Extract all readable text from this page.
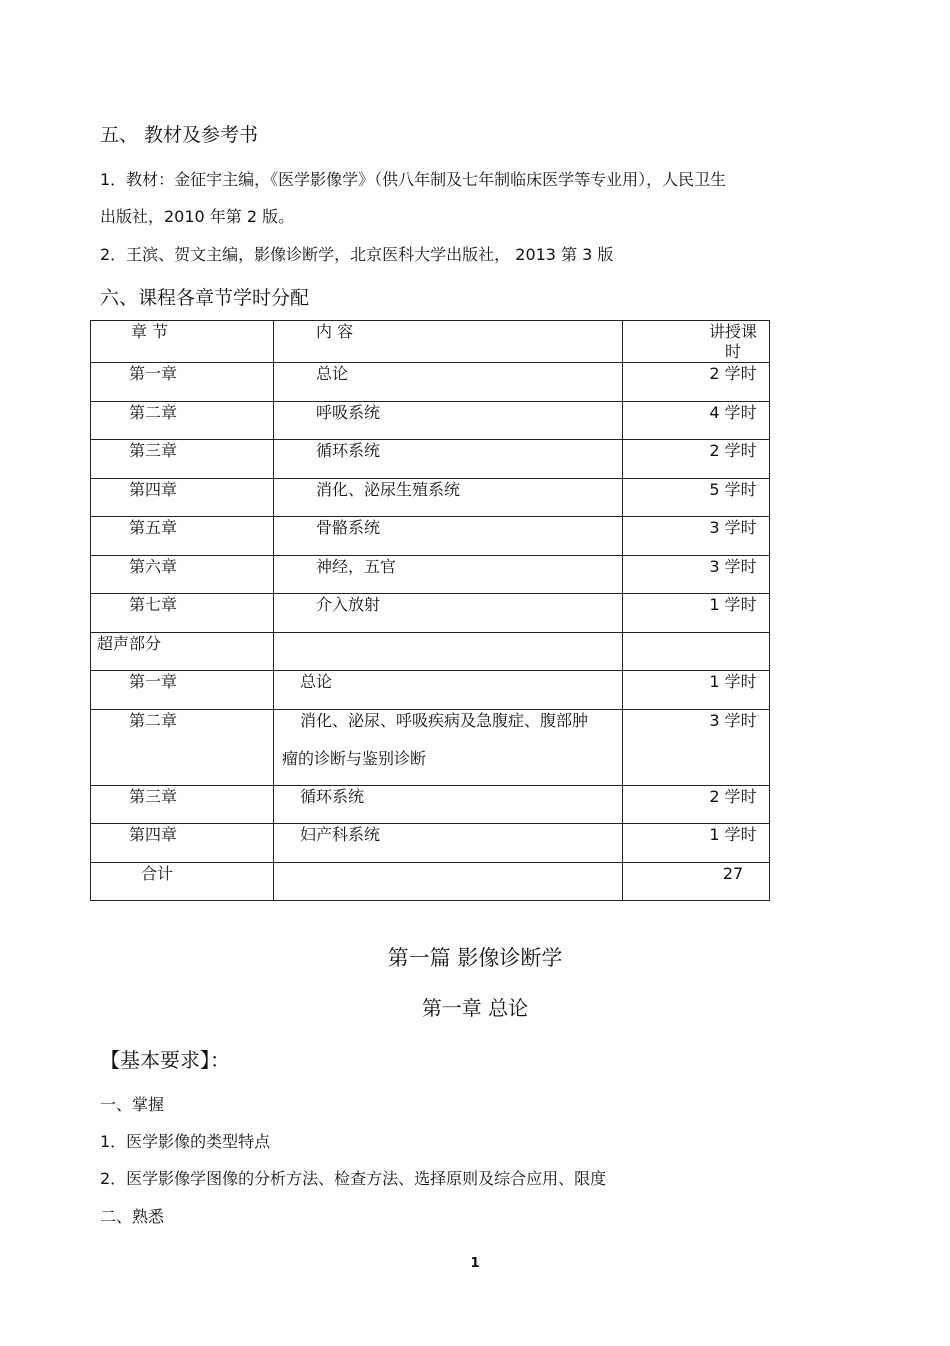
五、 教材及参考书
1．教材：金征宇主编，《医学影像学》（供八年制及七年制临床医学等专业用），人民卫生
出版社，2010 年第 2 版。
2．王滨、贺文主编，影像诊断学，北京医科大学出版社， 2013 第 3 版
六、课程各章节学时分配
章 节	内 容	讲授课时
第一章	总论	2 学时
第二章	呼吸系统	4 学时
第三章	循环系统	2 学时
第四章	消化、泌尿生殖系统	5 学时
第五章	骨骼系统	3 学时
第六章	神经，五官	3 学时
第七章	介入放射	1 学时
超声部分		
第一章	总论	1 学时
第二章	消化、泌尿、呼吸疾病及急腹症、腹部肿瘤的诊断与鉴别诊断	3 学时
第三章	循环系统	2 学时
第四章	妇产科系统	1 学时
合计		27
第一篇 影像诊断学
第一章 总论
【基本要求】：
一、掌握
1．医学影像的类型特点
2．医学影像学图像的分析方法、检查方法、选择原则及综合应用、限度
二、熟悉
1
